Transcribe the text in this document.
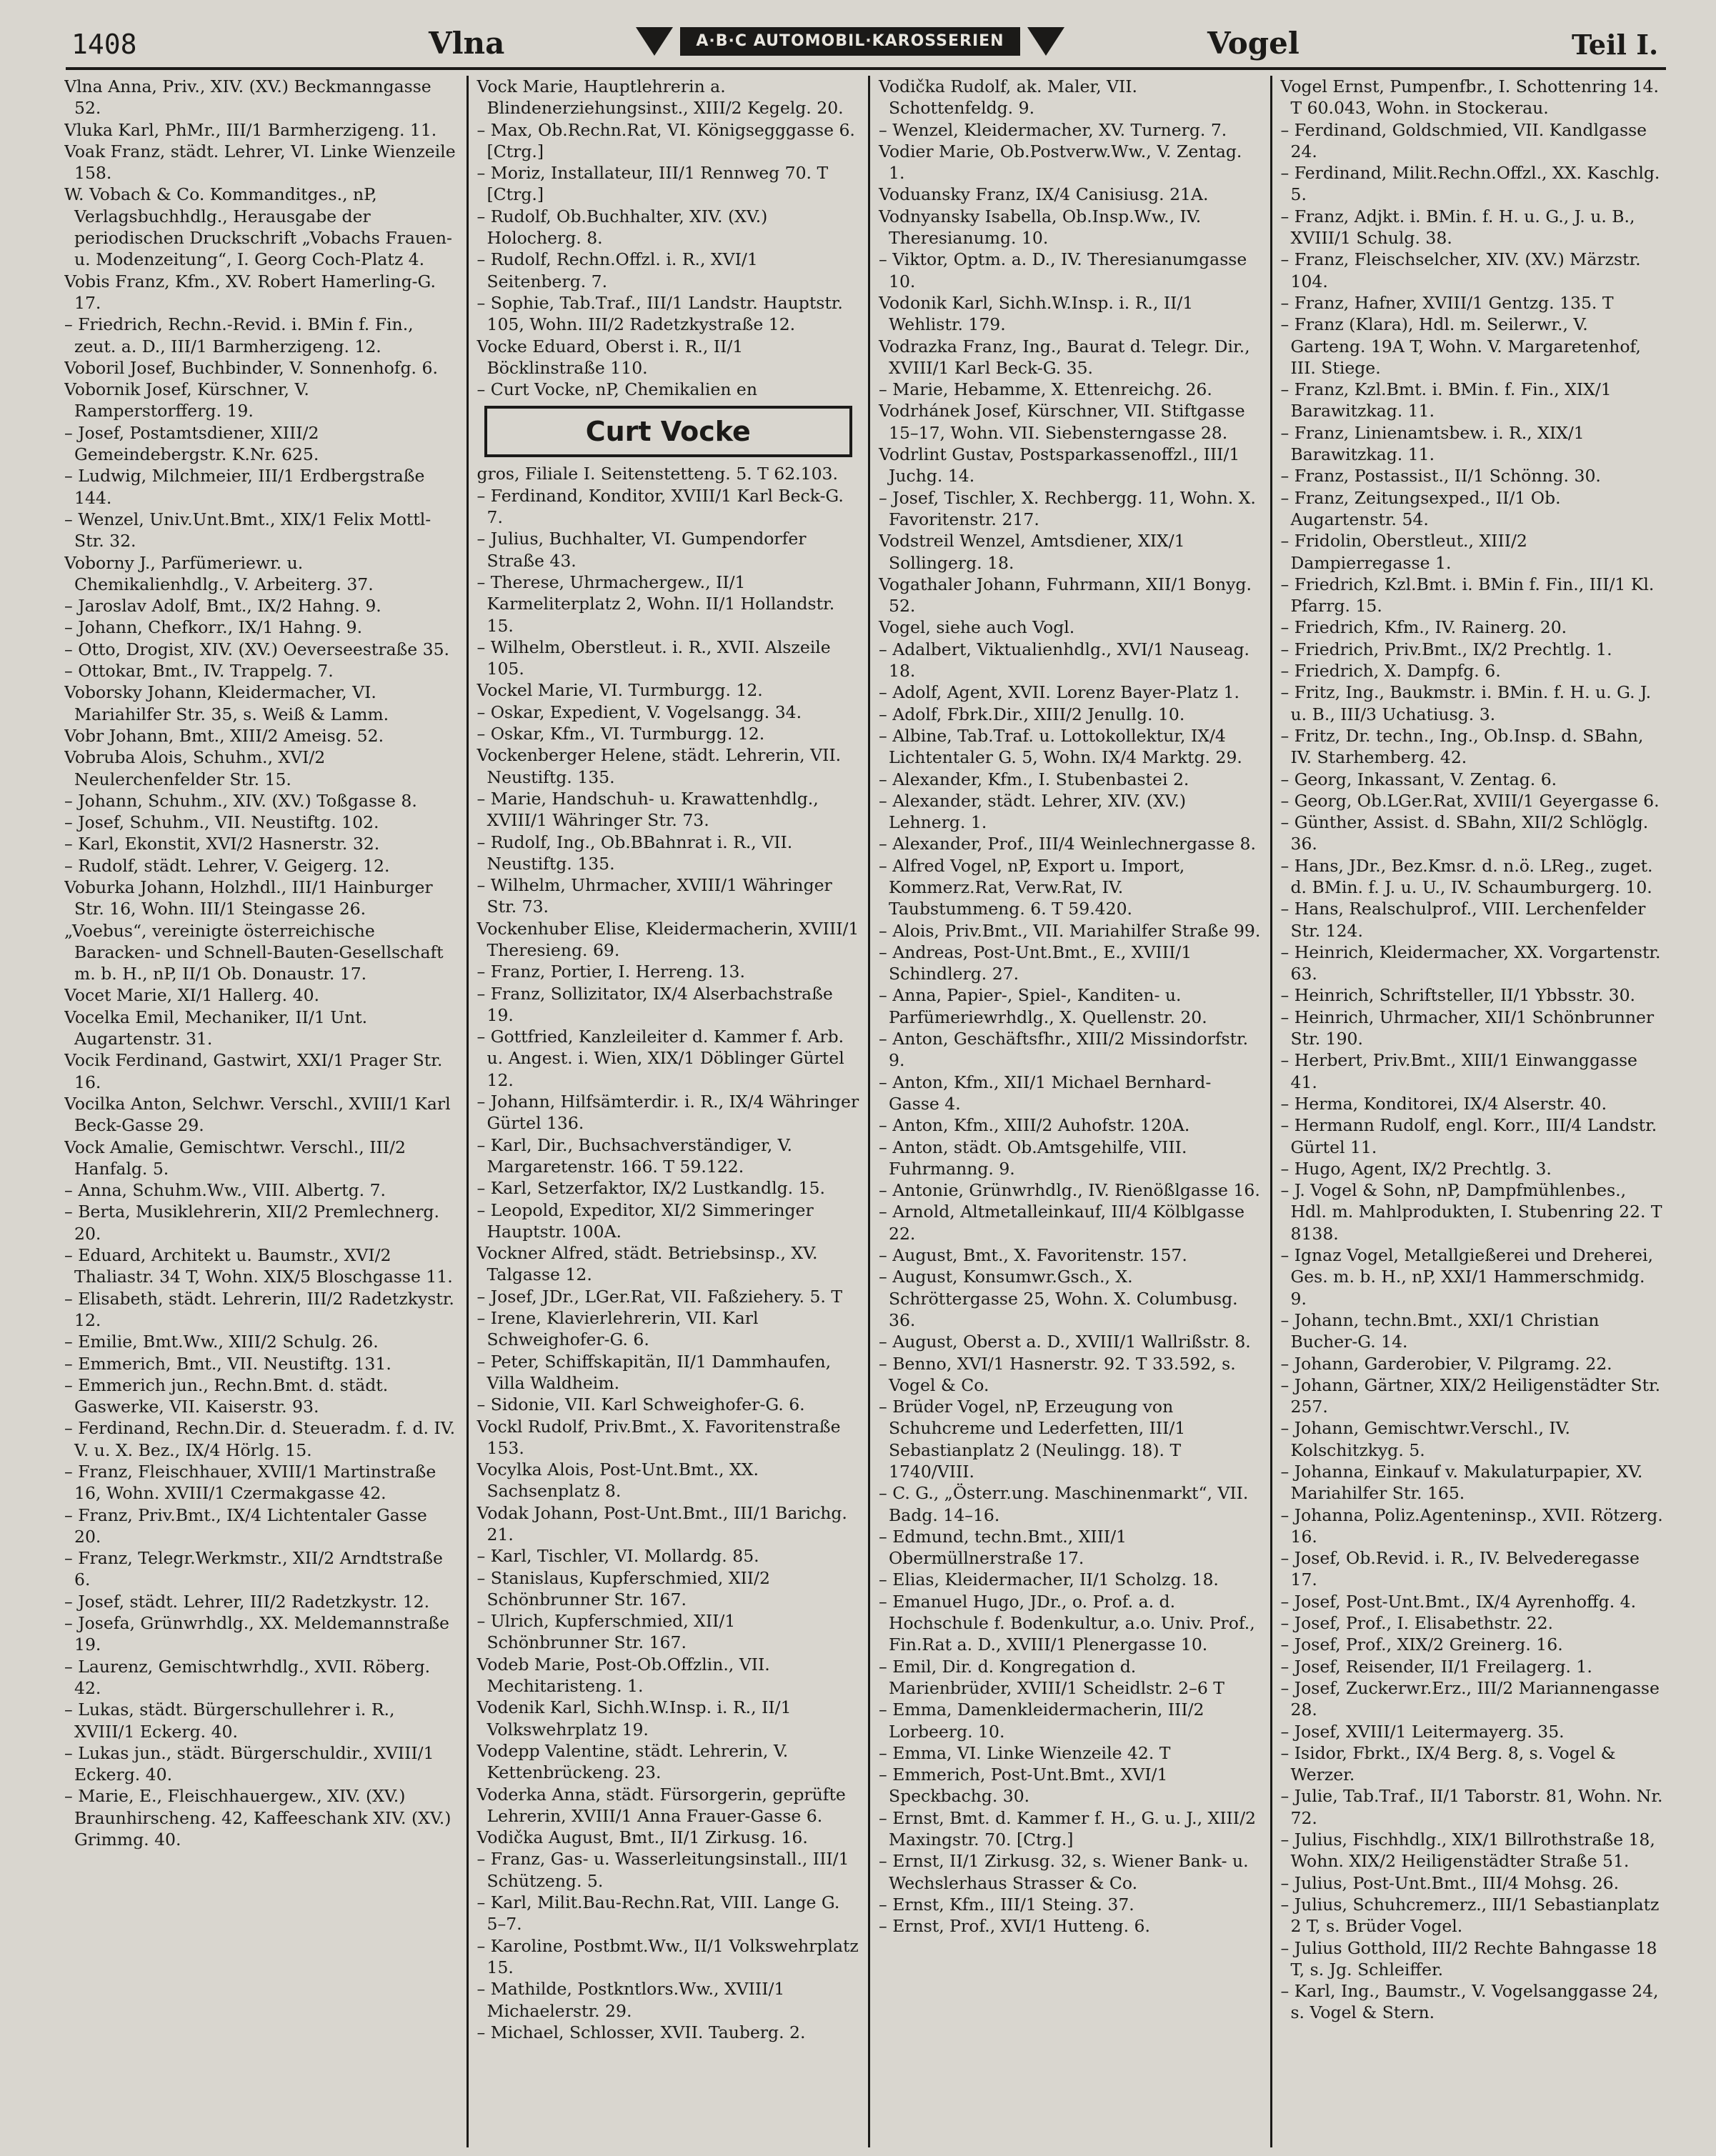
1408	Vlna	A·B·C AUTOMOBIL·KAROSSERIEN	Vogel	Teil I.
Vlna Anna, Priv., XIV. (XV.) Beckmanngasse 52.
Vluka Karl, PhMr., III/1 Barmherzigeng. 11.
Voak Franz, städt. Lehrer, VI. Linke Wienzeile 158.
W. Vobach & Co. Kommanditges., nP, Verlagsbuchhdlg., Herausgabe der periodischen Druckschrift „Vobachs Frauen- u. Modenzeitung“, I. Georg Coch-Platz 4.
Vobis Franz, Kfm., XV. Robert Hamerling-G. 17.
– Friedrich, Rechn.-Revid. i. BMin f. Fin., zeut. a. D., III/1 Barmherzigeng. 12.
Voboril Josef, Buchbinder, V. Sonnenhofg. 6.
Vobornik Josef, Kürschner, V. Ramperstorfferg. 19.
– Josef, Postamtsdiener, XIII/2 Gemeindebergstr. K.Nr. 625.
– Ludwig, Milchmeier, III/1 Erdbergstraße 144.
– Wenzel, Univ.Unt.Bmt., XIX/1 Felix Mottl-Str. 32.
Voborny J., Parfümeriewr. u. Chemikalienhdlg., V. Arbeiterg. 37.
– Jaroslav Adolf, Bmt., IX/2 Hahng. 9.
– Johann, Chefkorr., IX/1 Hahng. 9.
– Otto, Drogist, XIV. (XV.) Oeverseestraße 35.
– Ottokar, Bmt., IV. Trappelg. 7.
Voborsky Johann, Kleidermacher, VI. Mariahilfer Str. 35, s. Weiß & Lamm.
Vobr Johann, Bmt., XIII/2 Ameisg. 52.
Vobruba Alois, Schuhm., XVI/2 Neulerchenfelder Str. 15.
– Johann, Schuhm., XIV. (XV.) Toßgasse 8.
– Josef, Schuhm., VII. Neustiftg. 102.
– Karl, Ekonstit, XVI/2 Hasnerstr. 32.
– Rudolf, städt. Lehrer, V. Geigerg. 12.
Voburka Johann, Holzhdl., III/1 Hainburger Str. 16, Wohn. III/1 Steingasse 26.
„Voebus“, vereinigte österreichische Baracken- und Schnell-Bauten-Gesellschaft m. b. H., nP, II/1 Ob. Donaustr. 17.
Vocet Marie, XI/1 Hallerg. 40.
Vocelka Emil, Mechaniker, II/1 Unt. Augartenstr. 31.
Vocik Ferdinand, Gastwirt, XXI/1 Prager Str. 16.
Vocilka Anton, Selchwr. Verschl., XVIII/1 Karl Beck-Gasse 29.
Vock Amalie, Gemischtwr. Verschl., III/2 Hanfalg. 5.
– Anna, Schuhm.Ww., VIII. Albertg. 7.
– Berta, Musiklehrerin, XII/2 Premlechnerg. 20.
– Eduard, Architekt u. Baumstr., XVI/2 Thaliastr. 34 T, Wohn. XIX/5 Bloschgasse 11.
– Elisabeth, städt. Lehrerin, III/2 Radetzkystr. 12.
– Emilie, Bmt.Ww., XIII/2 Schulg. 26.
– Emmerich, Bmt., VII. Neustiftg. 131.
– Emmerich jun., Rechn.Bmt. d. städt. Gaswerke, VII. Kaiserstr. 93.
– Ferdinand, Rechn.Dir. d. Steueradm. f. d. IV. V. u. X. Bez., IX/4 Hörlg. 15.
– Franz, Fleischhauer, XVIII/1 Martinstraße 16, Wohn. XVIII/1 Czermakgasse 42.
– Franz, Priv.Bmt., IX/4 Lichtentaler Gasse 20.
– Franz, Telegr.Werkmstr., XII/2 Arndtstraße 6.
– Josef, städt. Lehrer, III/2 Radetzkystr. 12.
– Josefa, Grünwrhdlg., XX. Meldemannstraße 19.
– Laurenz, Gemischtwrhdlg., XVII. Röberg. 42.
– Lukas, städt. Bürgerschullehrer i. R., XVIII/1 Eckerg. 40.
– Lukas jun., städt. Bürgerschuldir., XVIII/1 Eckerg. 40.
– Marie, E., Fleischhauergew., XIV. (XV.) Braunhirscheng. 42, Kaffeeschank XIV. (XV.) Grimmg. 40.
Vock Marie, Hauptlehrerin a. Blindenerziehungsinst., XIII/2 Kegelg. 20.
– Max, Ob.Rechn.Rat, VI. Königsegggasse 6. [Ctrg.]
– Moriz, Installateur, III/1 Rennweg 70. T [Ctrg.]
– Rudolf, Ob.Buchhalter, XIV. (XV.) Holocherg. 8.
– Rudolf, Rechn.Offzl. i. R., XVI/1 Seitenberg. 7.
– Sophie, Tab.Traf., III/1 Landstr. Hauptstr. 105, Wohn. III/2 Radetzkystraße 12.
Vocke Eduard, Oberst i. R., II/1 Böcklinstraße 110.
– Curt Vocke, nP, Chemikalien en
Curt Vocke
gros, Filiale I. Seitenstetteng. 5. T 62.103.
– Ferdinand, Konditor, XVIII/1 Karl Beck-G. 7.
– Julius, Buchhalter, VI. Gumpendorfer Straße 43.
– Therese, Uhrmachergew., II/1 Karmeliterplatz 2, Wohn. II/1 Hollandstr. 15.
– Wilhelm, Oberstleut. i. R., XVII. Alszeile 105.
Vockel Marie, VI. Turmburgg. 12.
– Oskar, Expedient, V. Vogelsangg. 34.
– Oskar, Kfm., VI. Turmburgg. 12.
Vockenberger Helene, städt. Lehrerin, VII. Neustiftg. 135.
– Marie, Handschuh- u. Krawattenhdlg., XVIII/1 Währinger Str. 73.
– Rudolf, Ing., Ob.BBahnrat i. R., VII. Neustiftg. 135.
– Wilhelm, Uhrmacher, XVIII/1 Währinger Str. 73.
Vockenhuber Elise, Kleidermacherin, XVIII/1 Theresieng. 69.
– Franz, Portier, I. Herreng. 13.
– Franz, Sollizitator, IX/4 Alserbachstraße 19.
– Gottfried, Kanzleileiter d. Kammer f. Arb. u. Angest. i. Wien, XIX/1 Döblinger Gürtel 12.
– Johann, Hilfsämterdir. i. R., IX/4 Währinger Gürtel 136.
– Karl, Dir., Buchsachverständiger, V. Margaretenstr. 166. T 59.122.
– Karl, Setzerfaktor, IX/2 Lustkandlg. 15.
– Leopold, Expeditor, XI/2 Simmeringer Hauptstr. 100A.
Vockner Alfred, städt. Betriebsinsp., XV. Talgasse 12.
– Josef, JDr., LGer.Rat, VII. Faßziehery. 5. T
– Irene, Klavierlehrerin, VII. Karl Schweighofer-G. 6.
– Peter, Schiffskapitän, II/1 Dammhaufen, Villa Waldheim.
– Sidonie, VII. Karl Schweighofer-G. 6.
Vockl Rudolf, Priv.Bmt., X. Favoritenstraße 153.
Vocylka Alois, Post-Unt.Bmt., XX. Sachsenplatz 8.
Vodak Johann, Post-Unt.Bmt., III/1 Barichg. 21.
– Karl, Tischler, VI. Mollardg. 85.
– Stanislaus, Kupferschmied, XII/2 Schönbrunner Str. 167.
– Ulrich, Kupferschmied, XII/1 Schönbrunner Str. 167.
Vodeb Marie, Post-Ob.Offzlin., VII. Mechitaristeng. 1.
Vodenik Karl, Sichh.W.Insp. i. R., II/1 Volkswehrplatz 19.
Vodepp Valentine, städt. Lehrerin, V. Kettenbrückeng. 23.
Voderka Anna, städt. Fürsorgerin, geprüfte Lehrerin, XVIII/1 Anna Frauer-Gasse 6.
Vodička August, Bmt., II/1 Zirkusg. 16.
– Franz, Gas- u. Wasserleitungsinstall., III/1 Schützeng. 5.
– Karl, Milit.Bau-Rechn.Rat, VIII. Lange G. 5–7.
– Karoline, Postbmt.Ww., II/1 Volkswehrplatz 15.
– Mathilde, Postkntlors.Ww., XVIII/1 Michaelerstr. 29.
– Michael, Schlosser, XVII. Tauberg. 2.
Vodička Rudolf, ak. Maler, VII. Schottenfeldg. 9.
– Wenzel, Kleidermacher, XV. Turnerg. 7.
Vodier Marie, Ob.Postverw.Ww., V. Zentag. 1.
Voduansky Franz, IX/4 Canisiusg. 21A.
Vodnyansky Isabella, Ob.Insp.Ww., IV. Theresianumg. 10.
– Viktor, Optm. a. D., IV. Theresianumgasse 10.
Vodonik Karl, Sichh.W.Insp. i. R., II/1 Wehlistr. 179.
Vodrazka Franz, Ing., Baurat d. Telegr. Dir., XVIII/1 Karl Beck-G. 35.
– Marie, Hebamme, X. Ettenreichg. 26.
Vodrhánek Josef, Kürschner, VII. Stiftgasse 15–17, Wohn. VII. Siebensterngasse 28.
Vodrlint Gustav, Postsparkassenoffzl., III/1 Juchg. 14.
– Josef, Tischler, X. Rechbergg. 11, Wohn. X. Favoritenstr. 217.
Vodstreil Wenzel, Amtsdiener, XIX/1 Sollingerg. 18.
Vogathaler Johann, Fuhrmann, XII/1 Bonyg. 52.
Vogel, siehe auch Vogl.
– Adalbert, Viktualienhdlg., XVI/1 Nauseag. 18.
– Adolf, Agent, XVII. Lorenz Bayer-Platz 1.
– Adolf, Fbrk.Dir., XIII/2 Jenullg. 10.
– Albine, Tab.Traf. u. Lottokollektur, IX/4 Lichtentaler G. 5, Wohn. IX/4 Marktg. 29.
– Alexander, Kfm., I. Stubenbastei 2.
– Alexander, städt. Lehrer, XIV. (XV.) Lehnerg. 1.
– Alexander, Prof., III/4 Weinlechnergasse 8.
– Alfred Vogel, nP, Export u. Import, Kommerz.Rat, Verw.Rat, IV. Taubstummeng. 6. T 59.420.
– Alois, Priv.Bmt., VII. Mariahilfer Straße 99.
– Andreas, Post-Unt.Bmt., E., XVIII/1 Schindlerg. 27.
– Anna, Papier-, Spiel-, Kanditen- u. Parfümeriewrhdlg., X. Quellenstr. 20.
– Anton, Geschäftsfhr., XIII/2 Missindorfstr. 9.
– Anton, Kfm., XII/1 Michael Bernhard-Gasse 4.
– Anton, Kfm., XIII/2 Auhofstr. 120A.
– Anton, städt. Ob.Amtsgehilfe, VIII. Fuhrmanng. 9.
– Antonie, Grünwrhdlg., IV. Rienößlgasse 16.
– Arnold, Altmetalleinkauf, III/4 Kölblgasse 22.
– August, Bmt., X. Favoritenstr. 157.
– August, Konsumwr.Gsch., X. Schröttergasse 25, Wohn. X. Columbusg. 36.
– August, Oberst a. D., XVIII/1 Wallrißstr. 8.
– Benno, XVI/1 Hasnerstr. 92. T 33.592, s. Vogel & Co.
– Brüder Vogel, nP, Erzeugung von Schuhcreme und Lederfetten, III/1 Sebastianplatz 2 (Neulingg. 18). T 1740/VIII.
– C. G., „Österr.ung. Maschinenmarkt“, VII. Badg. 14–16.
– Edmund, techn.Bmt., XIII/1 Obermüllnerstraße 17.
– Elias, Kleidermacher, II/1 Scholzg. 18.
– Emanuel Hugo, JDr., o. Prof. a. d. Hochschule f. Bodenkultur, a.o. Univ. Prof., Fin.Rat a. D., XVIII/1 Plenergasse 10.
– Emil, Dir. d. Kongregation d. Marienbrüder, XVIII/1 Scheidlstr. 2–6 T
– Emma, Damenkleidermacherin, III/2 Lorbeerg. 10.
– Emma, VI. Linke Wienzeile 42. T
– Emmerich, Post-Unt.Bmt., XVI/1 Speckbachg. 30.
– Ernst, Bmt. d. Kammer f. H., G. u. J., XIII/2 Maxingstr. 70. [Ctrg.]
– Ernst, II/1 Zirkusg. 32, s. Wiener Bank- u. Wechslerhaus Strasser & Co.
– Ernst, Kfm., III/1 Steing. 37.
– Ernst, Prof., XVI/1 Hutteng. 6.
Vogel Ernst, Pumpenfbr., I. Schottenring 14. T 60.043, Wohn. in Stockerau.
– Ferdinand, Goldschmied, VII. Kandlgasse 24.
– Ferdinand, Milit.Rechn.Offzl., XX. Kaschlg. 5.
– Franz, Adjkt. i. BMin. f. H. u. G., J. u. B., XVIII/1 Schulg. 38.
– Franz, Fleischselcher, XIV. (XV.) Märzstr. 104.
– Franz, Hafner, XVIII/1 Gentzg. 135. T
– Franz (Klara), Hdl. m. Seilerwr., V. Garteng. 19A T, Wohn. V. Margaretenhof, III. Stiege.
– Franz, Kzl.Bmt. i. BMin. f. Fin., XIX/1 Barawitzkag. 11.
– Franz, Linienamtsbew. i. R., XIX/1 Barawitzkag. 11.
– Franz, Postassist., II/1 Schönng. 30.
– Franz, Zeitungsexped., II/1 Ob. Augartenstr. 54.
– Fridolin, Oberstleut., XIII/2 Dampierregasse 1.
– Friedrich, Kzl.Bmt. i. BMin f. Fin., III/1 Kl. Pfarrg. 15.
– Friedrich, Kfm., IV. Rainerg. 20.
– Friedrich, Priv.Bmt., IX/2 Prechtlg. 1.
– Friedrich, X. Dampfg. 6.
– Fritz, Ing., Baukmstr. i. BMin. f. H. u. G. J. u. B., III/3 Uchatiusg. 3.
– Fritz, Dr. techn., Ing., Ob.Insp. d. SBahn, IV. Starhemberg. 42.
– Georg, Inkassant, V. Zentag. 6.
– Georg, Ob.LGer.Rat, XVIII/1 Geyergasse 6.
– Günther, Assist. d. SBahn, XII/2 Schlöglg. 36.
– Hans, JDr., Bez.Kmsr. d. n.ö. LReg., zuget. d. BMin. f. J. u. U., IV. Schaumburgerg. 10.
– Hans, Realschulprof., VIII. Lerchenfelder Str. 124.
– Heinrich, Kleidermacher, XX. Vorgartenstr. 63.
– Heinrich, Schriftsteller, II/1 Ybbsstr. 30.
– Heinrich, Uhrmacher, XII/1 Schönbrunner Str. 190.
– Herbert, Priv.Bmt., XIII/1 Einwanggasse 41.
– Herma, Konditorei, IX/4 Alserstr. 40.
– Hermann Rudolf, engl. Korr., III/4 Landstr. Gürtel 11.
– Hugo, Agent, IX/2 Prechtlg. 3.
– J. Vogel & Sohn, nP, Dampfmühlenbes., Hdl. m. Mahlprodukten, I. Stubenring 22. T 8138.
– Ignaz Vogel, Metallgießerei und Dreherei, Ges. m. b. H., nP, XXI/1 Hammerschmidg. 9.
– Johann, techn.Bmt., XXI/1 Christian Bucher-G. 14.
– Johann, Garderobier, V. Pilgramg. 22.
– Johann, Gärtner, XIX/2 Heiligenstädter Str. 257.
– Johann, Gemischtwr.Verschl., IV. Kolschitzkyg. 5.
– Johanna, Einkauf v. Makulaturpapier, XV. Mariahilfer Str. 165.
– Johanna, Poliz.Agenteninsp., XVII. Rötzerg. 16.
– Josef, Ob.Revid. i. R., IV. Belvederegasse 17.
– Josef, Post-Unt.Bmt., IX/4 Ayrenhoffg. 4.
– Josef, Prof., I. Elisabethstr. 22.
– Josef, Prof., XIX/2 Greinerg. 16.
– Josef, Reisender, II/1 Freilagerg. 1.
– Josef, Zuckerwr.Erz., III/2 Mariannengasse 28.
– Josef, XVIII/1 Leitermayerg. 35.
– Isidor, Fbrkt., IX/4 Berg. 8, s. Vogel & Werzer.
– Julie, Tab.Traf., II/1 Taborstr. 81, Wohn. Nr. 72.
– Julius, Fischhdlg., XIX/1 Billrothstraße 18, Wohn. XIX/2 Heiligenstädter Straße 51.
– Julius, Post-Unt.Bmt., III/4 Mohsg. 26.
– Julius, Schuhcremerz., III/1 Sebastianplatz 2 T, s. Brüder Vogel.
– Julius Gotthold, III/2 Rechte Bahngasse 18 T, s. Jg. Schleiffer.
– Karl, Ing., Baumstr., V. Vogelsanggasse 24, s. Vogel & Stern.
